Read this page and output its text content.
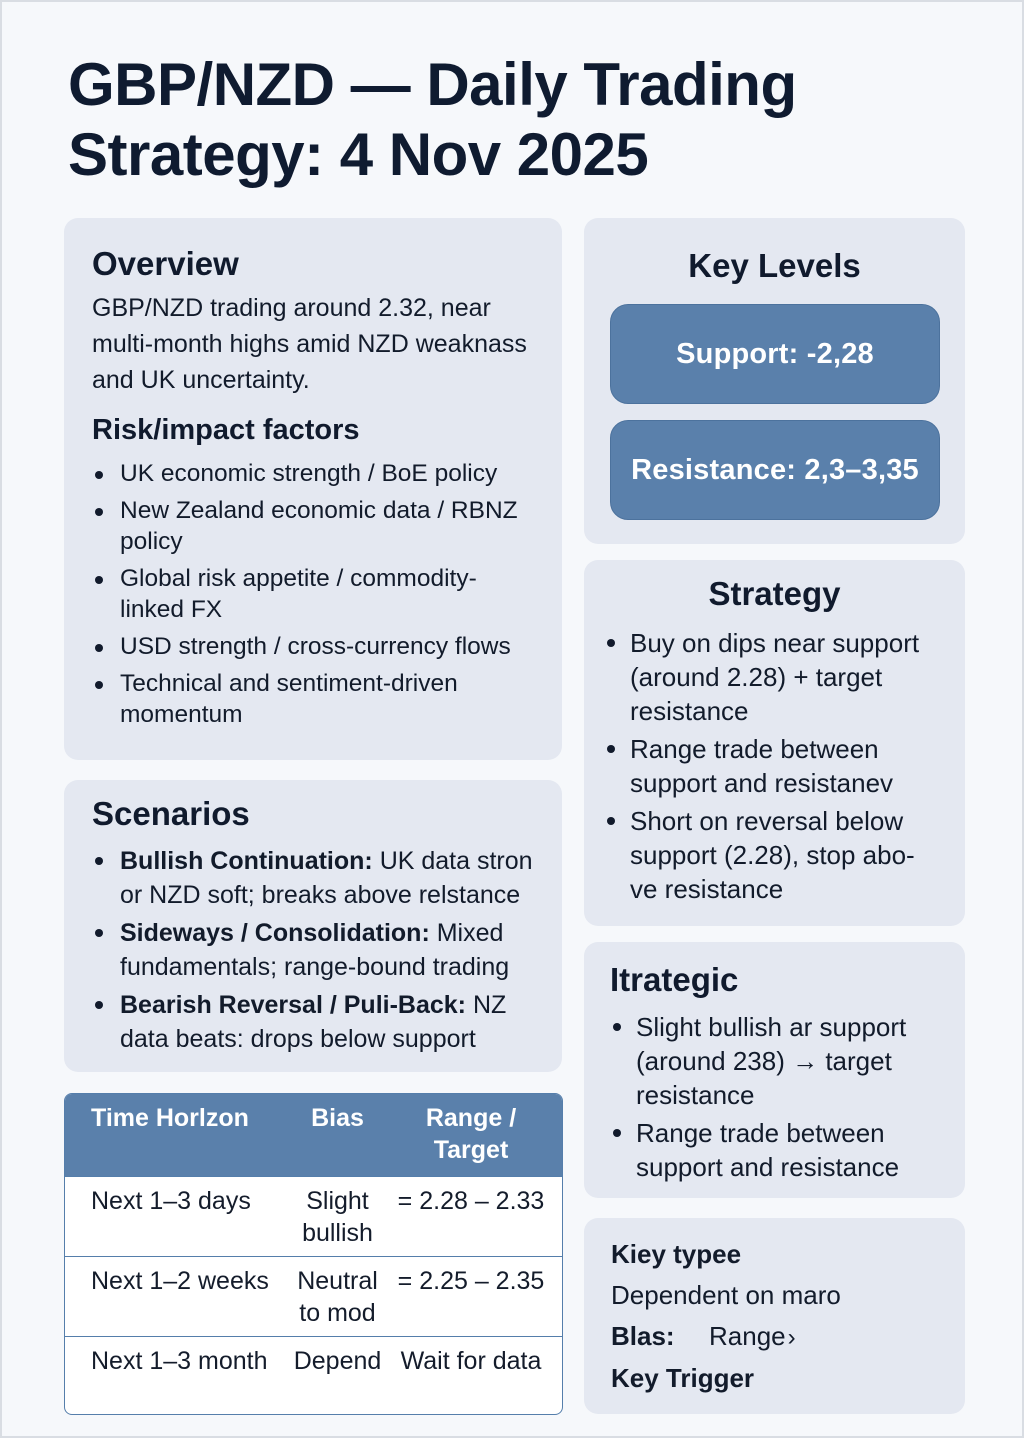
GBP/NZD — Daily Trading Strategy: 4 Nov 2025
Overview

GBP/NZD trading around 2.32, near multi-month highs amid NZD weaknass and UK uncertainty.

Risk/impact factors
UK economic strength / BoE policy
New Zealand economic data / RBNZ policy
Global risk appetite / commodity-linked FX
USD strength / cross-currency flows
Technical and sentiment-driven momentum
Scenarios
Bullish Continuation: UK data stron or NZD soft; breaks above relstance
Sideways / Consolidation: Mixed fundamentals; range-bound trading
Bearish Reversal / Puli-Back: NZ data beats: drops below support
Time Horlzon	Bias	Range / Target
Next 1–3 days	Slight bullish	= 2.28 – 2.33
Next 1–2 weeks	Neutral to mod	= 2.25 – 2.35
Next 1–3 month	Depend	Wait for data
Key Levels
Support: -2,28
Resistance: 2,3–3,35
Strategy
Buy on dips near support (around 2.28) + target resistance
Range trade between support and resistanev
Short on reversal below support (2.28), stop abo- ve resistance
Itrategic
Slight bullish ar support (around 238) → target resistance
Range trade between support and resistance
Kiey typee
Dependent on maro
Blas: Range›
Key Trigger
